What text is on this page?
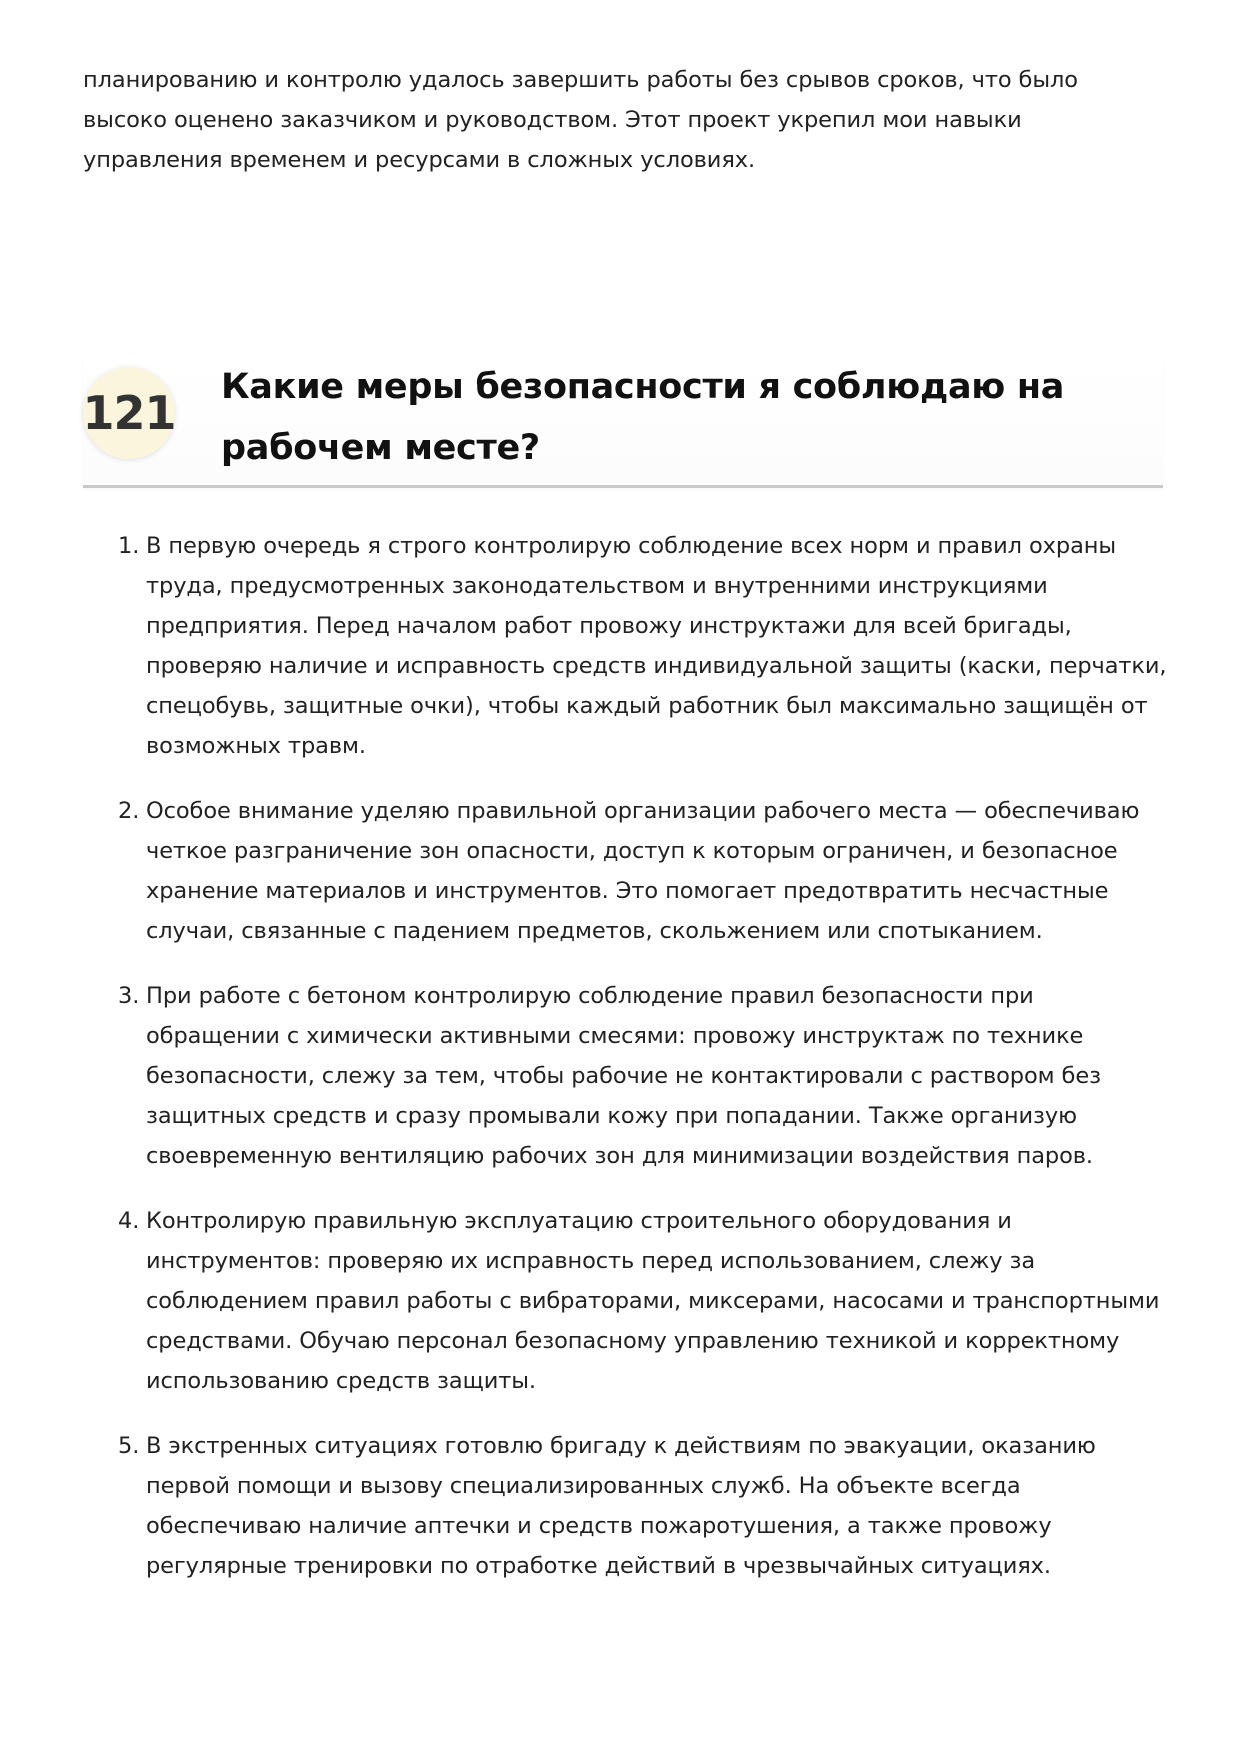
планированию и контролю удалось завершить работы без срывов сроков, что было высоко оценено заказчиком и руководством. Этот проект укрепил мои навыки управления временем и ресурсами в сложных условиях.

121 Какие меры безопасности я соблюдаю на рабочем месте?
1. В первую очередь я строго контролирую соблюдение всех норм и правил охраны труда, предусмотренных законодательством и внутренними инструкциями предприятия. Перед началом работ провожу инструктажи для всей бригады, проверяю наличие и исправность средств индивидуальной защиты (каски, перчатки, спецобувь, защитные очки), чтобы каждый работник был максимально защищён от возможных травм.
2. Особое внимание уделяю правильной организации рабочего места — обеспечиваю четкое разграничение зон опасности, доступ к которым ограничен, и безопасное хранение материалов и инструментов. Это помогает предотвратить несчастные случаи, связанные с падением предметов, скольжением или спотыканием.
3. При работе с бетоном контролирую соблюдение правил безопасности при обращении с химически активными смесями: провожу инструктаж по технике безопасности, слежу за тем, чтобы рабочие не контактировали с раствором без защитных средств и сразу промывали кожу при попадании. Также организую своевременную вентиляцию рабочих зон для минимизации воздействия паров.
4. Контролирую правильную эксплуатацию строительного оборудования и инструментов: проверяю их исправность перед использованием, слежу за соблюдением правил работы с вибраторами, миксерами, насосами и транспортными средствами. Обучаю персонал безопасному управлению техникой и корректному использованию средств защиты.
5. В экстренных ситуациях готовлю бригаду к действиям по эвакуации, оказанию первой помощи и вызову специализированных служб. На объекте всегда обеспечиваю наличие аптечки и средств пожаротушения, а также провожу регулярные тренировки по отработке действий в чрезвычайных ситуациях.
